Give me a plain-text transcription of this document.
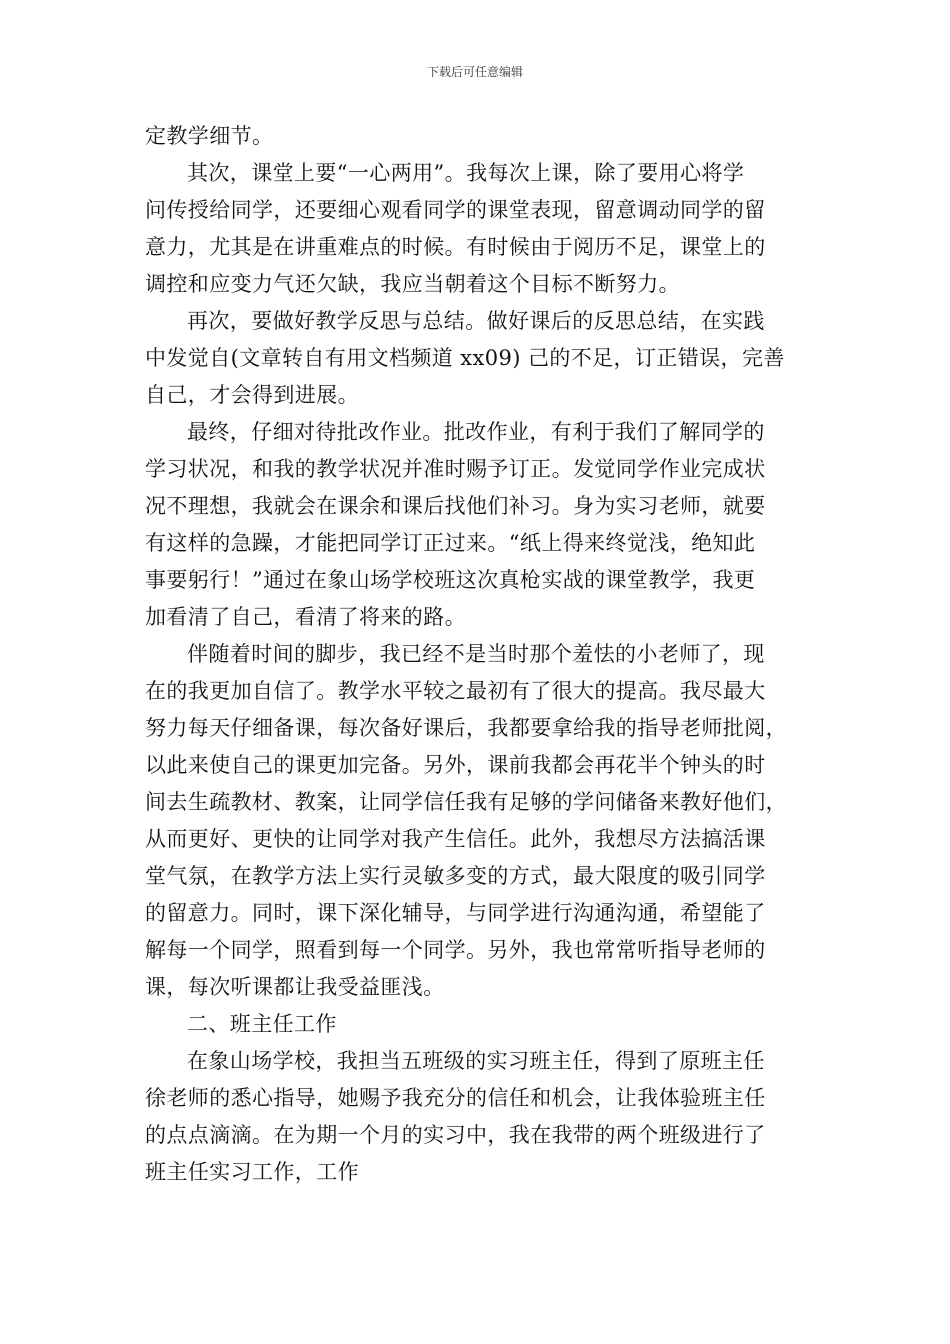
下载后可任意编辑

定教学细节。

其次，课堂上要“一心两用”。我每次上课，除了要用心将学

问传授给同学，还要细心观看同学的课堂表现，留意调动同学的留

意力，尤其是在讲重难点的时候。有时候由于阅历不足，课堂上的

调控和应变力气还欠缺，我应当朝着这个目标不断努力。

再次，要做好教学反思与总结。做好课后的反思总结，在实践

中发觉自(文章转自有用文档频道 xx09) 己的不足，订正错误，完善

自己，才会得到进展。

最终，仔细对待批改作业。批改作业，有利于我们了解同学的

学习状况，和我的教学状况并准时赐予订正。发觉同学作业完成状

况不理想，我就会在课余和课后找他们补习。身为实习老师，就要

有这样的急躁，才能把同学订正过来。“纸上得来终觉浅，绝知此

事要躬行！”通过在象山场学校班这次真枪实战的课堂教学，我更

加看清了自己，看清了将来的路。

伴随着时间的脚步，我已经不是当时那个羞怯的小老师了，现

在的我更加自信了。教学水平较之最初有了很大的提高。我尽最大

努力每天仔细备课，每次备好课后，我都要拿给我的指导老师批阅，

以此来使自己的课更加完备。另外，课前我都会再花半个钟头的时

间去生疏教材、教案，让同学信任我有足够的学问储备来教好他们，

从而更好、更快的让同学对我产生信任。此外，我想尽方法搞活课

堂气氛，在教学方法上实行灵敏多变的方式，最大限度的吸引同学

的留意力。同时，课下深化辅导，与同学进行沟通沟通，希望能了

解每一个同学，照看到每一个同学。另外，我也常常听指导老师的

课，每次听课都让我受益匪浅。

二、班主任工作

在象山场学校，我担当五班级的实习班主任，得到了原班主任

徐老师的悉心指导，她赐予我充分的信任和机会，让我体验班主任

的点点滴滴。在为期一个月的实习中，我在我带的两个班级进行了

班主任实习工作，工作
